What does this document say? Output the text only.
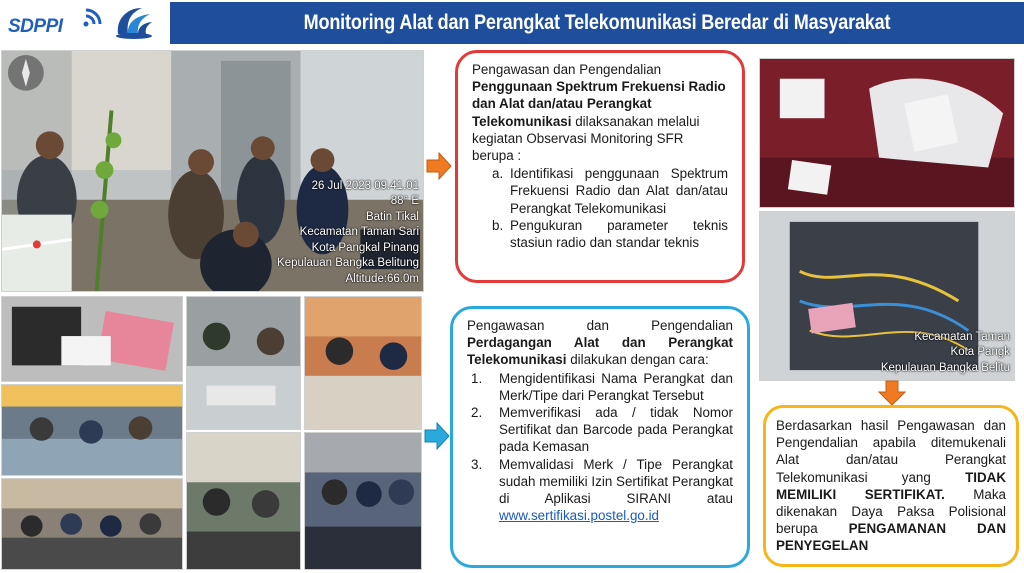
SDPPI	Monitoring Alat dan Perangkat Telekomunikasi Beredar di Masyarakat
26 Jul 2023 09.41.01
88° E
Batin Tikal
Kecamatan Taman Sari
Kota Pangkal Pinang
Kepulauan Bangka Belitung
Altitude:66.0m
Kecamatan Taman
Kota Pangk
Kepulauan Bangka Belitu
Pengawasan dan Pengendalian Penggunaan Spektrum Frekuensi Radio dan Alat dan/atau Perangkat Telekomunikasi dilaksanakan melalui kegiatan Observasi Monitoring SFR berupa :
a. Identifikasi penggunaan Spektrum Frekuensi Radio dan Alat dan/atau Perangkat Telekomunikasi
b. Pengukuran parameter teknis stasiun radio dan standar teknis
Pengawasan dan Pengendalian Perdagangan Alat dan Perangkat Telekomunikasi dilakukan dengan cara:
1.	Mengidentifikasi Nama Perangkat dan Merk/Tipe dari Perangkat Tersebut
2.	Memverifikasi ada / tidak Nomor Sertifikat dan Barcode pada Perangkat pada Kemasan
3.	Memvalidasi Merk / Tipe Perangkat sudah memiliki Izin Sertifikat Perangkat di Aplikasi SIRANI atau www.sertifikasi.postel.go.id
Berdasarkan hasil Pengawasan dan Pengendalian apabila ditemukenali Alat dan/atau Perangkat Telekomunikasi yang TIDAK MEMILIKI SERTIFIKAT. Maka dikenakan Daya Paksa Polisional berupa PENGAMANAN DAN PENYEGELAN
